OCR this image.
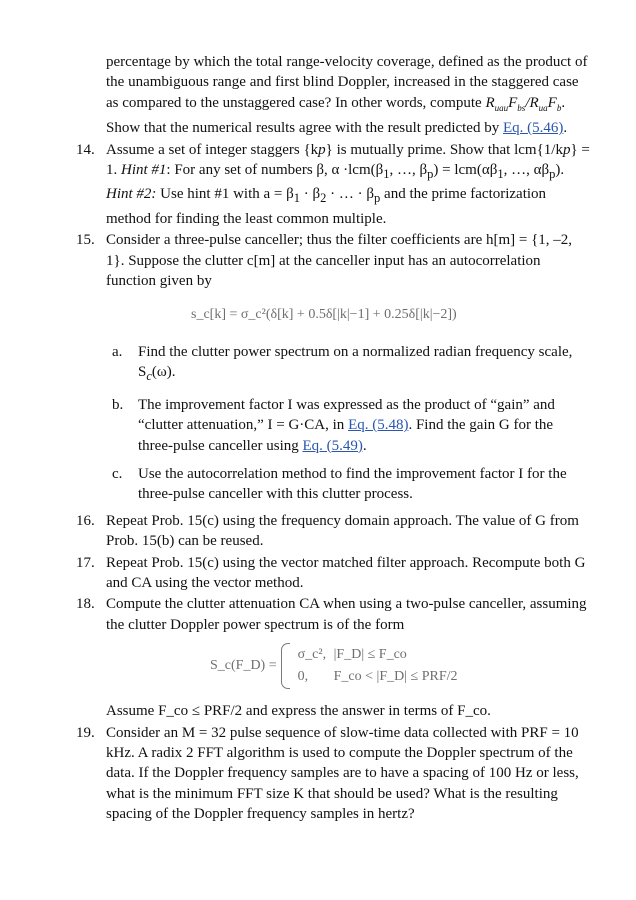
percentage by which the total range-velocity coverage, defined as the product of the unambiguous range and first blind Doppler, increased in the staggered case as compared to the unstaggered case? In other words, compute $R_{uau}F_{bs}/R_{ua}F_b$. Show that the numerical results agree with the result predicted by Eq. (5.46).
14. Assume a set of integer staggers {kp} is mutually prime. Show that lcm{1/kp} = 1. Hint #1: For any set of numbers β, $\alpha \cdot lcm(\beta_1$, …, $\beta_p) = lcm(\alpha\beta_1$, …, $\alpha\beta_p$). Hint #2: Use hint #1 with $a = \beta_1 \cdot \beta_2$ · … · $\beta_p$ and the prime factorization method for finding the least common multiple.
15. Consider a three-pulse canceller; thus the filter coefficients are h[m] = {1, –2, 1}. Suppose the clutter c[m] at the canceller input has an autocorrelation function given by
s_c[k] = σ_c²(δ[k] + 0.5δ[|k|−1] + 0.25δ[|k|−2])
a. Find the clutter power spectrum on a normalized radian frequency scale, $S_c(\omega)$.
b. The improvement factor I was expressed as the product of “gain” and “clutter attenuation,” I = G·CA, in Eq. (5.48). Find the gain G for the three-pulse canceller using Eq. (5.49).
c. Use the autocorrelation method to find the improvement factor I for the three-pulse canceller with this clutter process.
16. Repeat Prob. 15(c) using the frequency domain approach. The value of G from Prob. 15(b) can be reused.
17. Repeat Prob. 15(c) using the vector matched filter approach. Recompute both G and CA using the vector method.
18. Compute the clutter attenuation CA when using a two-pulse canceller, assuming the clutter Doppler power spectrum is of the form
S_c(F_D) =
σ_c², |F_D| ≤ F_co
0, F_co < |F_D| ≤ PRF/2
Assume F_co ≤ PRF/2 and express the answer in terms of F_co.
19. Consider an M = 32 pulse sequence of slow-time data collected with PRF = 10 kHz. A radix 2 FFT algorithm is used to compute the Doppler spectrum of the data. If the Doppler frequency samples are to have a spacing of 100 Hz or less, what is the minimum FFT size K that should be used? What is the resulting spacing of the Doppler frequency samples in hertz?
